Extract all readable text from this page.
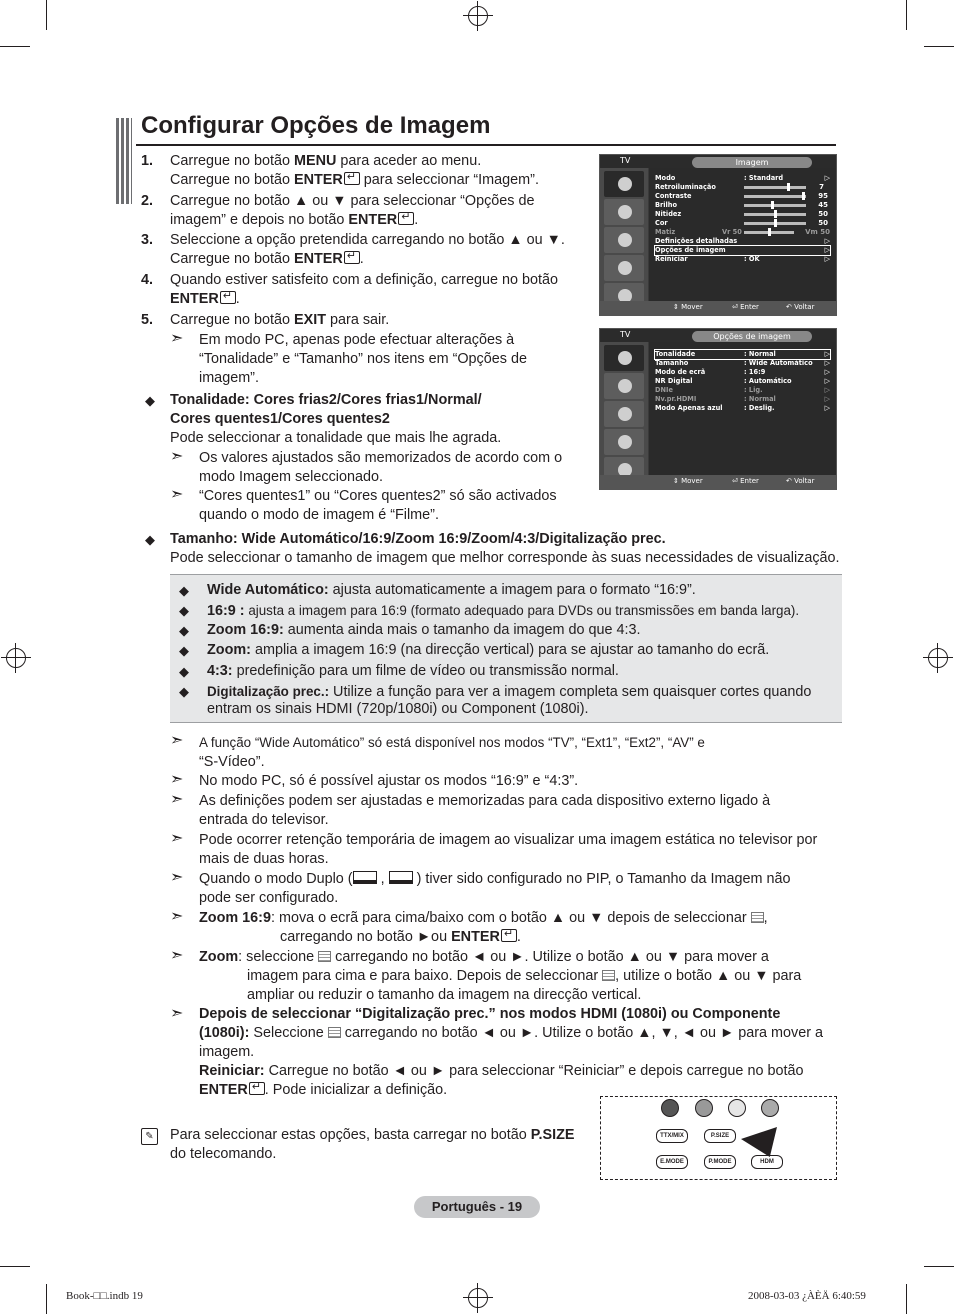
Configurar Opções de Imagem
1.	Carregue no botão MENU para aceder ao menu.
Carregue no botão ENTER↵ para seleccionar “Imagem”.
2.	Carregue no botão ▲ ou ▼ para seleccionar “Opções de
imagem” e depois no botão ENTER ↵ .
3.	Seleccione a opção pretendida carregando no botão ▲ ou ▼.
Carregue no botão ENTER ↵ .
4.	Quando estiver satisfeito com a definição, carregue no botão
ENTER ↵ .
5.	Carregue no botão EXIT para sair.
➣ Em modo PC, apenas pode efectuar alterações à
“Tonalidade” e “Tamanho” nos itens em “Opções de
imagem”.
◆ Tonalidade: Cores frias2/Cores frias1/Normal/
Cores quentes1/Cores quentes2
Pode seleccionar a tonalidade que mais lhe agrada.
➣ Os valores ajustados são memorizados de acordo com o
modo Imagem seleccionado.
➣ “Cores quentes1” ou “Cores quentes2” só são activados
quando o modo de imagem é “Filme”.
TV	Imagem
Modo	: Standard	▷
Retroiluminação	7
Contraste	95
Brilho	45
Nitidez	50
Cor	50
Matiz	Vr 50	Vm 50
Definições detalhadas	▷
Opções de imagem	▷
Reiniciar	: OK	▷
⇕ Mover	⏎ Enter	↶ Voltar
TV	Opções de imagem
Tonalidade	: Normal	▷
Tamanho	: Wide Automático ▷
Modo de ecrã	: 16:9	▷
NR Digital	: Automático	▷
DNIe	: Lig.	▷
Nv.pr.HDMI	: Normal	▷
Modo Apenas azul	: Deslig.	▷
⇕ Mover	⏎ Enter	↶ Voltar
◆ Tamanho: Wide Automático/16:9/Zoom 16:9/Zoom/4:3/Digitalização prec.
Pode seleccionar o tamanho de imagem que melhor corresponde às suas necessidades de visualização.
◆ Wide Automático: ajusta automaticamente a imagem para o formato “16:9”.
◆ 16:9 : ajusta a imagem para 16:9 (formato adequado para DVDs ou transmissões em banda larga).
◆ Zoom 16:9: aumenta ainda mais o tamanho da imagem do que 4:3.
◆ Zoom: amplia a imagem 16:9 (na direcção vertical) para se ajustar ao tamanho do ecrã.
◆ 4:3: predefinição para um filme de vídeo ou transmissão normal.
◆ Digitalização prec.: Utilize a função para ver a imagem completa sem quaisquer cortes quando
entram os sinais HDMI (720p/1080i) ou Component (1080i).
➣ A função “Wide Automático” só está disponível nos modos “TV”, “Ext1”, “Ext2”, “AV” e
“S-Vídeo”.
➣ No modo PC, só é possível ajustar os modos “16:9” e “4:3”.
➣ As definições podem ser ajustadas e memorizadas para cada dispositivo externo ligado à
entrada do televisor.
➣ Pode ocorrer retenção temporária de imagem ao visualizar uma imagem estática no televisor por
mais de duas horas.
➣ Quando o modo Duplo ( , ) tiver sido configurado no PIP, o Tamanho da Imagem não
pode ser configurado.
➣ Zoom 16:9: mova o ecrã para cima/baixo com o botão ▲ ou ▼ depois de seleccionar ,
carregando no botão ►ou ENTER ↵ .
➣ Zoom: seleccione carregando no botão ◄ ou ►. Utilize o botão ▲ ou ▼ para mover a
imagem para cima e para baixo. Depois de seleccionar , utilize o botão ▲ ou ▼ para
ampliar ou reduzir o tamanho da imagem na direcção vertical.
➣ Depois de seleccionar “Digitalização prec.” nos modos HDMI (1080i) ou Componente
(1080i): Seleccione carregando no botão ◄ ou ►. Utilize o botão ▲, ▼, ◄ ou ► para mover a
imagem.
Reiniciar: Carregue no botão ◄ ou ► para seleccionar “Reiniciar” e depois carregue no botão
ENTER ↵ . Pode inicializar a definição.
✎ Para seleccionar estas opções, basta carregar no botão P.SIZE
do telecomando.
TTX/MIX	P.SIZE
E.MODE	P.MODE	HDM
Português - 19
Book-□□.indb 19	2008-03-03 ¿ÀÈÄ 6:40:59
